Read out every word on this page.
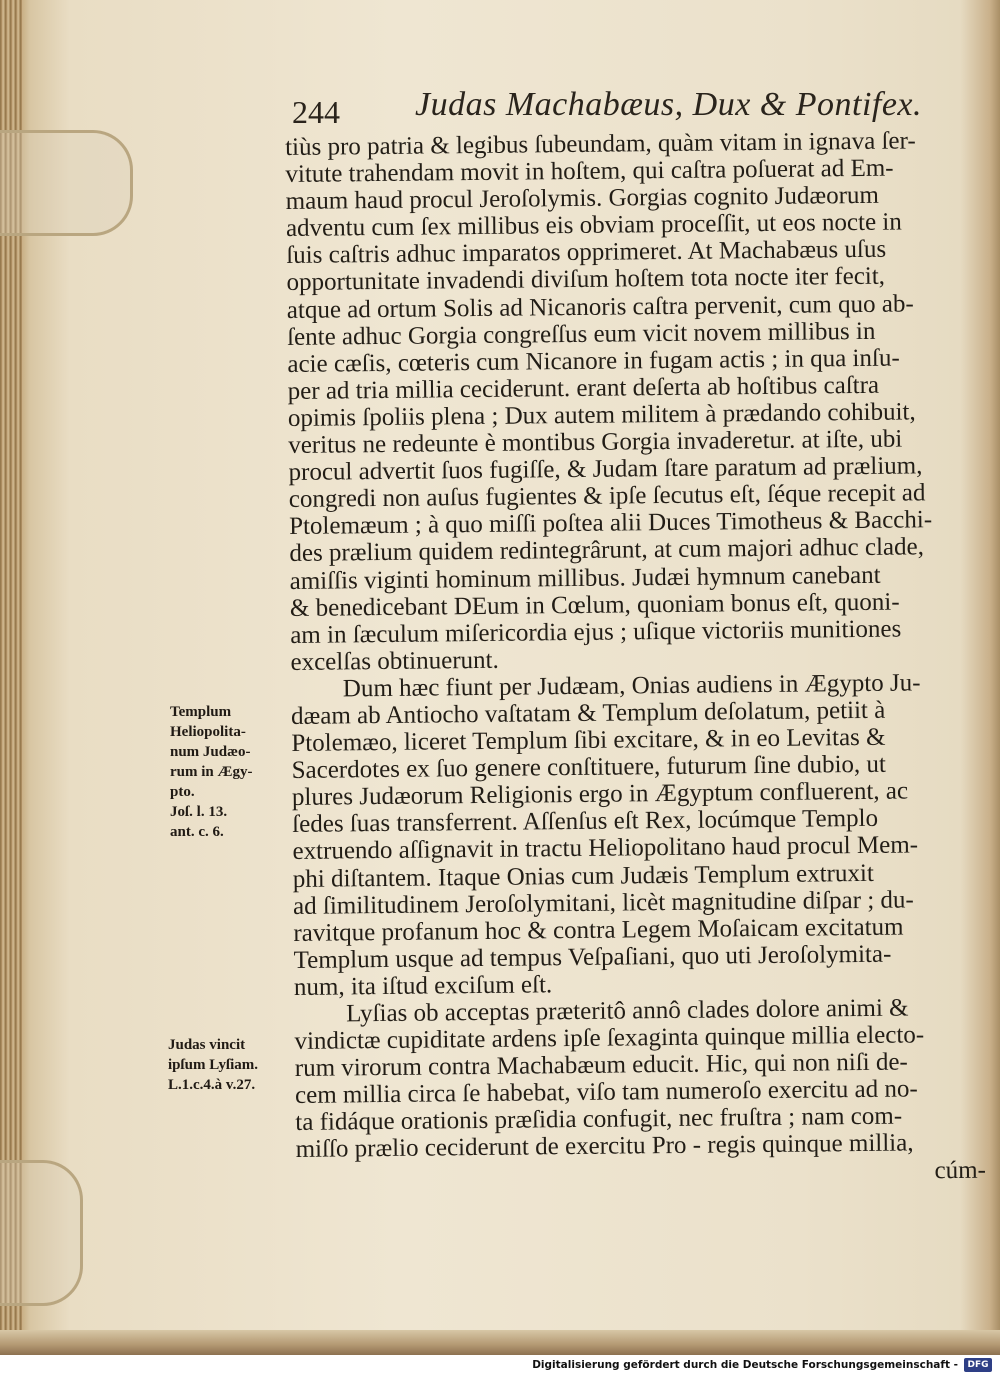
244 Judas Machabæus, Dux & Pontifex.
tiùs pro patria & legibus ſubeundam, quàm vitam in ignava ſer-
vitute trahendam movit in hoſtem, qui caſtra poſuerat ad Em-
maum haud procul Jeroſolymis. Gorgias cognito Judæorum
adventu cum ſex millibus eis obviam proceſſit, ut eos nocte in
ſuis caſtris adhuc imparatos opprimeret. At Machabæus uſus
opportunitate invadendi diviſum hoſtem tota nocte iter fecit,
atque ad ortum Solis ad Nicanoris caſtra pervenit, cum quo ab-
ſente adhuc Gorgia congreſſus eum vicit novem millibus in
acie cæſis, cœteris cum Nicanore in fugam actis ; in qua inſu-
per ad tria millia ceciderunt. erant deſerta ab hoſtibus caſtra
opimis ſpoliis plena ; Dux autem militem à prædando cohibuit,
veritus ne redeunte è montibus Gorgia invaderetur. at iſte, ubi
procul advertit ſuos fugiſſe, & Judam ſtare paratum ad prælium,
congredi non auſus fugientes & ipſe ſecutus eſt, ſéque recepit ad
Ptolemæum ; à quo miſſi poſtea alii Duces Timotheus & Bacchi-
des prælium quidem redintegrârunt, at cum majori adhuc clade,
amiſſis viginti hominum millibus. Judæi hymnum canebant
& benedicebant DEum in Cœlum, quoniam bonus eſt, quoni-
am in ſæculum miſericordia ejus ; uſique victoriis munitiones
excelſas obtinuerunt.
Dum hæc fiunt per Judæam, Onias audiens in Ægypto Ju-
dæam ab Antiocho vaſtatam & Templum deſolatum, petiit à
Ptolemæo, liceret Templum ſibi excitare, & in eo Levitas &
Sacerdotes ex ſuo genere conſtituere, futurum ſine dubio, ut
plures Judæorum Religionis ergo in Ægyptum confluerent, ac
ſedes ſuas transferrent. Aſſenſus eſt Rex, locúmque Templo
extruendo aſſignavit in tractu Heliopolitano haud procul Mem-
phi diſtantem. Itaque Onias cum Judæis Templum extruxit
ad ſimilitudinem Jeroſolymitani, licèt magnitudine diſpar ; du-
ravitque profanum hoc & contra Legem Moſaicam excitatum
Templum usque ad tempus Veſpaſiani, quo uti Jeroſolymita-
num, ita iſtud exciſum eſt.
Lyſias ob acceptas præteritô annô clades dolore animi &
vindictæ cupiditate ardens ipſe ſexaginta quinque millia electo-
rum virorum contra Machabæum educit. Hic, qui non niſi de-
cem millia circa ſe habebat, viſo tam numeroſo exercitu ad no-
ta fidáque orationis præſidia confugit, nec fruſtra ; nam com-
miſſo prælio ceciderunt de exercitu Pro - regis quinque millia,
cúm-
Templum
Heliopolita-
num Judæo-
rum in Ægy-
pto.
Joſ. l. 13.
ant. c. 6.
Judas vincit
ipſum Lyſiam.
L.1.c.4.à v.27.
Digitalisierung gefördert durch die Deutsche Forschungsgemeinschaft -	DFG
